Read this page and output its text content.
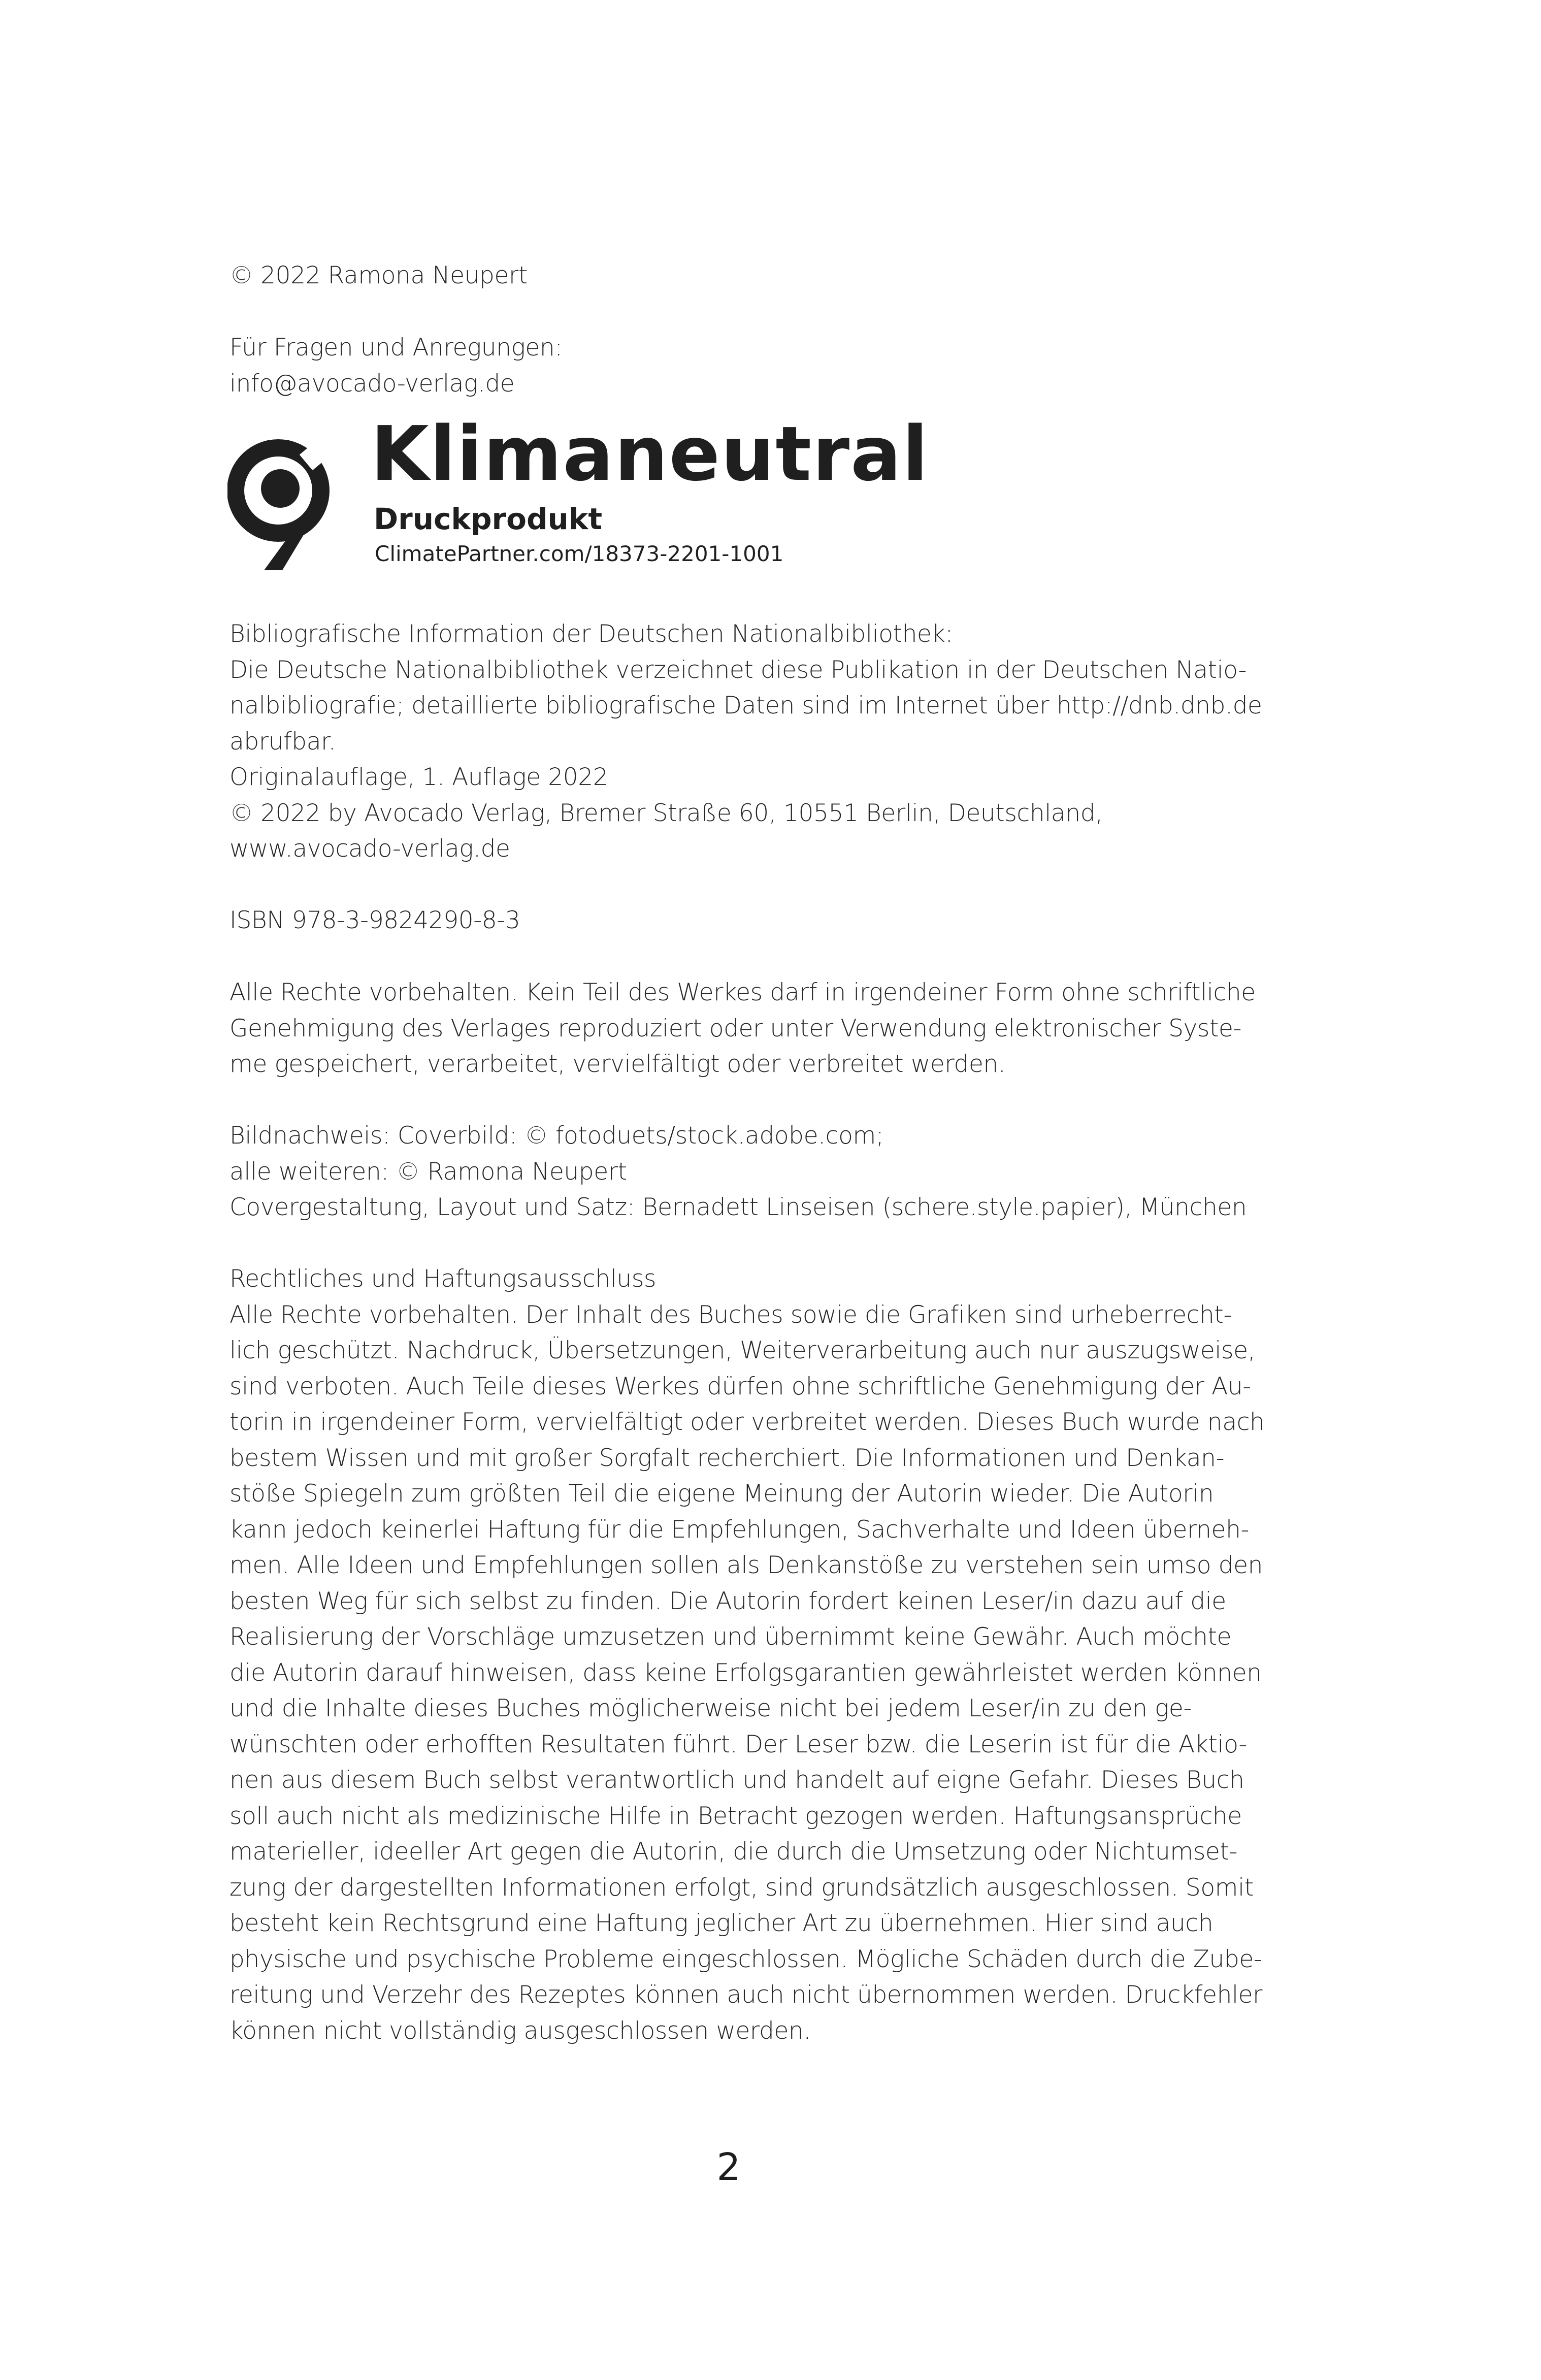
© 2022 Ramona Neupert
Für Fragen und Anregungen:
info@avocado-verlag.de
Klimaneutral
Druckprodukt
ClimatePartner.com/18373-2201-1001
Bibliografische Information der Deutschen Nationalbibliothek:
Die Deutsche Nationalbibliothek verzeichnet diese Publikation in der Deutschen Natio-
nalbibliografie; detaillierte bibliografische Daten sind im Internet über http://dnb.dnb.de
abrufbar.
Originalauflage, 1. Auflage 2022
© 2022 by Avocado Verlag, Bremer Straße 60, 10551 Berlin, Deutschland,
www.avocado-verlag.de
ISBN 978-3-9824290-8-3
Alle Rechte vorbehalten. Kein Teil des Werkes darf in irgendeiner Form ohne schriftliche
Genehmigung des Verlages reproduziert oder unter Verwendung elektronischer Syste-
me gespeichert, verarbeitet, vervielfältigt oder verbreitet werden.
Bildnachweis: Coverbild: © fotoduets/stock.adobe.com;
alle weiteren: © Ramona Neupert
Covergestaltung, Layout und Satz: Bernadett Linseisen (schere.style.papier), München
Rechtliches und Haftungsausschluss
Alle Rechte vorbehalten. Der Inhalt des Buches sowie die Grafiken sind urheberrecht-
lich geschützt. Nachdruck, Übersetzungen, Weiterverarbeitung auch nur auszugsweise,
sind verboten. Auch Teile dieses Werkes dürfen ohne schriftliche Genehmigung der Au-
torin in irgendeiner Form, vervielfältigt oder verbreitet werden. Dieses Buch wurde nach
bestem Wissen und mit großer Sorgfalt recherchiert. Die Informationen und Denkan-
stöße Spiegeln zum größten Teil die eigene Meinung der Autorin wieder. Die Autorin
kann jedoch keinerlei Haftung für die Empfehlungen, Sachverhalte und Ideen überneh-
men. Alle Ideen und Empfehlungen sollen als Denkanstöße zu verstehen sein umso den
besten Weg für sich selbst zu finden. Die Autorin fordert keinen Leser/in dazu auf die
Realisierung der Vorschläge umzusetzen und übernimmt keine Gewähr. Auch möchte
die Autorin darauf hinweisen, dass keine Erfolgsgarantien gewährleistet werden können
und die Inhalte dieses Buches möglicherweise nicht bei jedem Leser/in zu den ge-
wünschten oder erhofften Resultaten führt. Der Leser bzw. die Leserin ist für die Aktio-
nen aus diesem Buch selbst verantwortlich und handelt auf eigne Gefahr. Dieses Buch
soll auch nicht als medizinische Hilfe in Betracht gezogen werden. Haftungsansprüche
materieller, ideeller Art gegen die Autorin, die durch die Umsetzung oder Nichtumset-
zung der dargestellten Informationen erfolgt, sind grundsätzlich ausgeschlossen. Somit
besteht kein Rechtsgrund eine Haftung jeglicher Art zu übernehmen. Hier sind auch
physische und psychische Probleme eingeschlossen. Mögliche Schäden durch die Zube-
reitung und Verzehr des Rezeptes können auch nicht übernommen werden. Druckfehler
können nicht vollständig ausgeschlossen werden.
2
